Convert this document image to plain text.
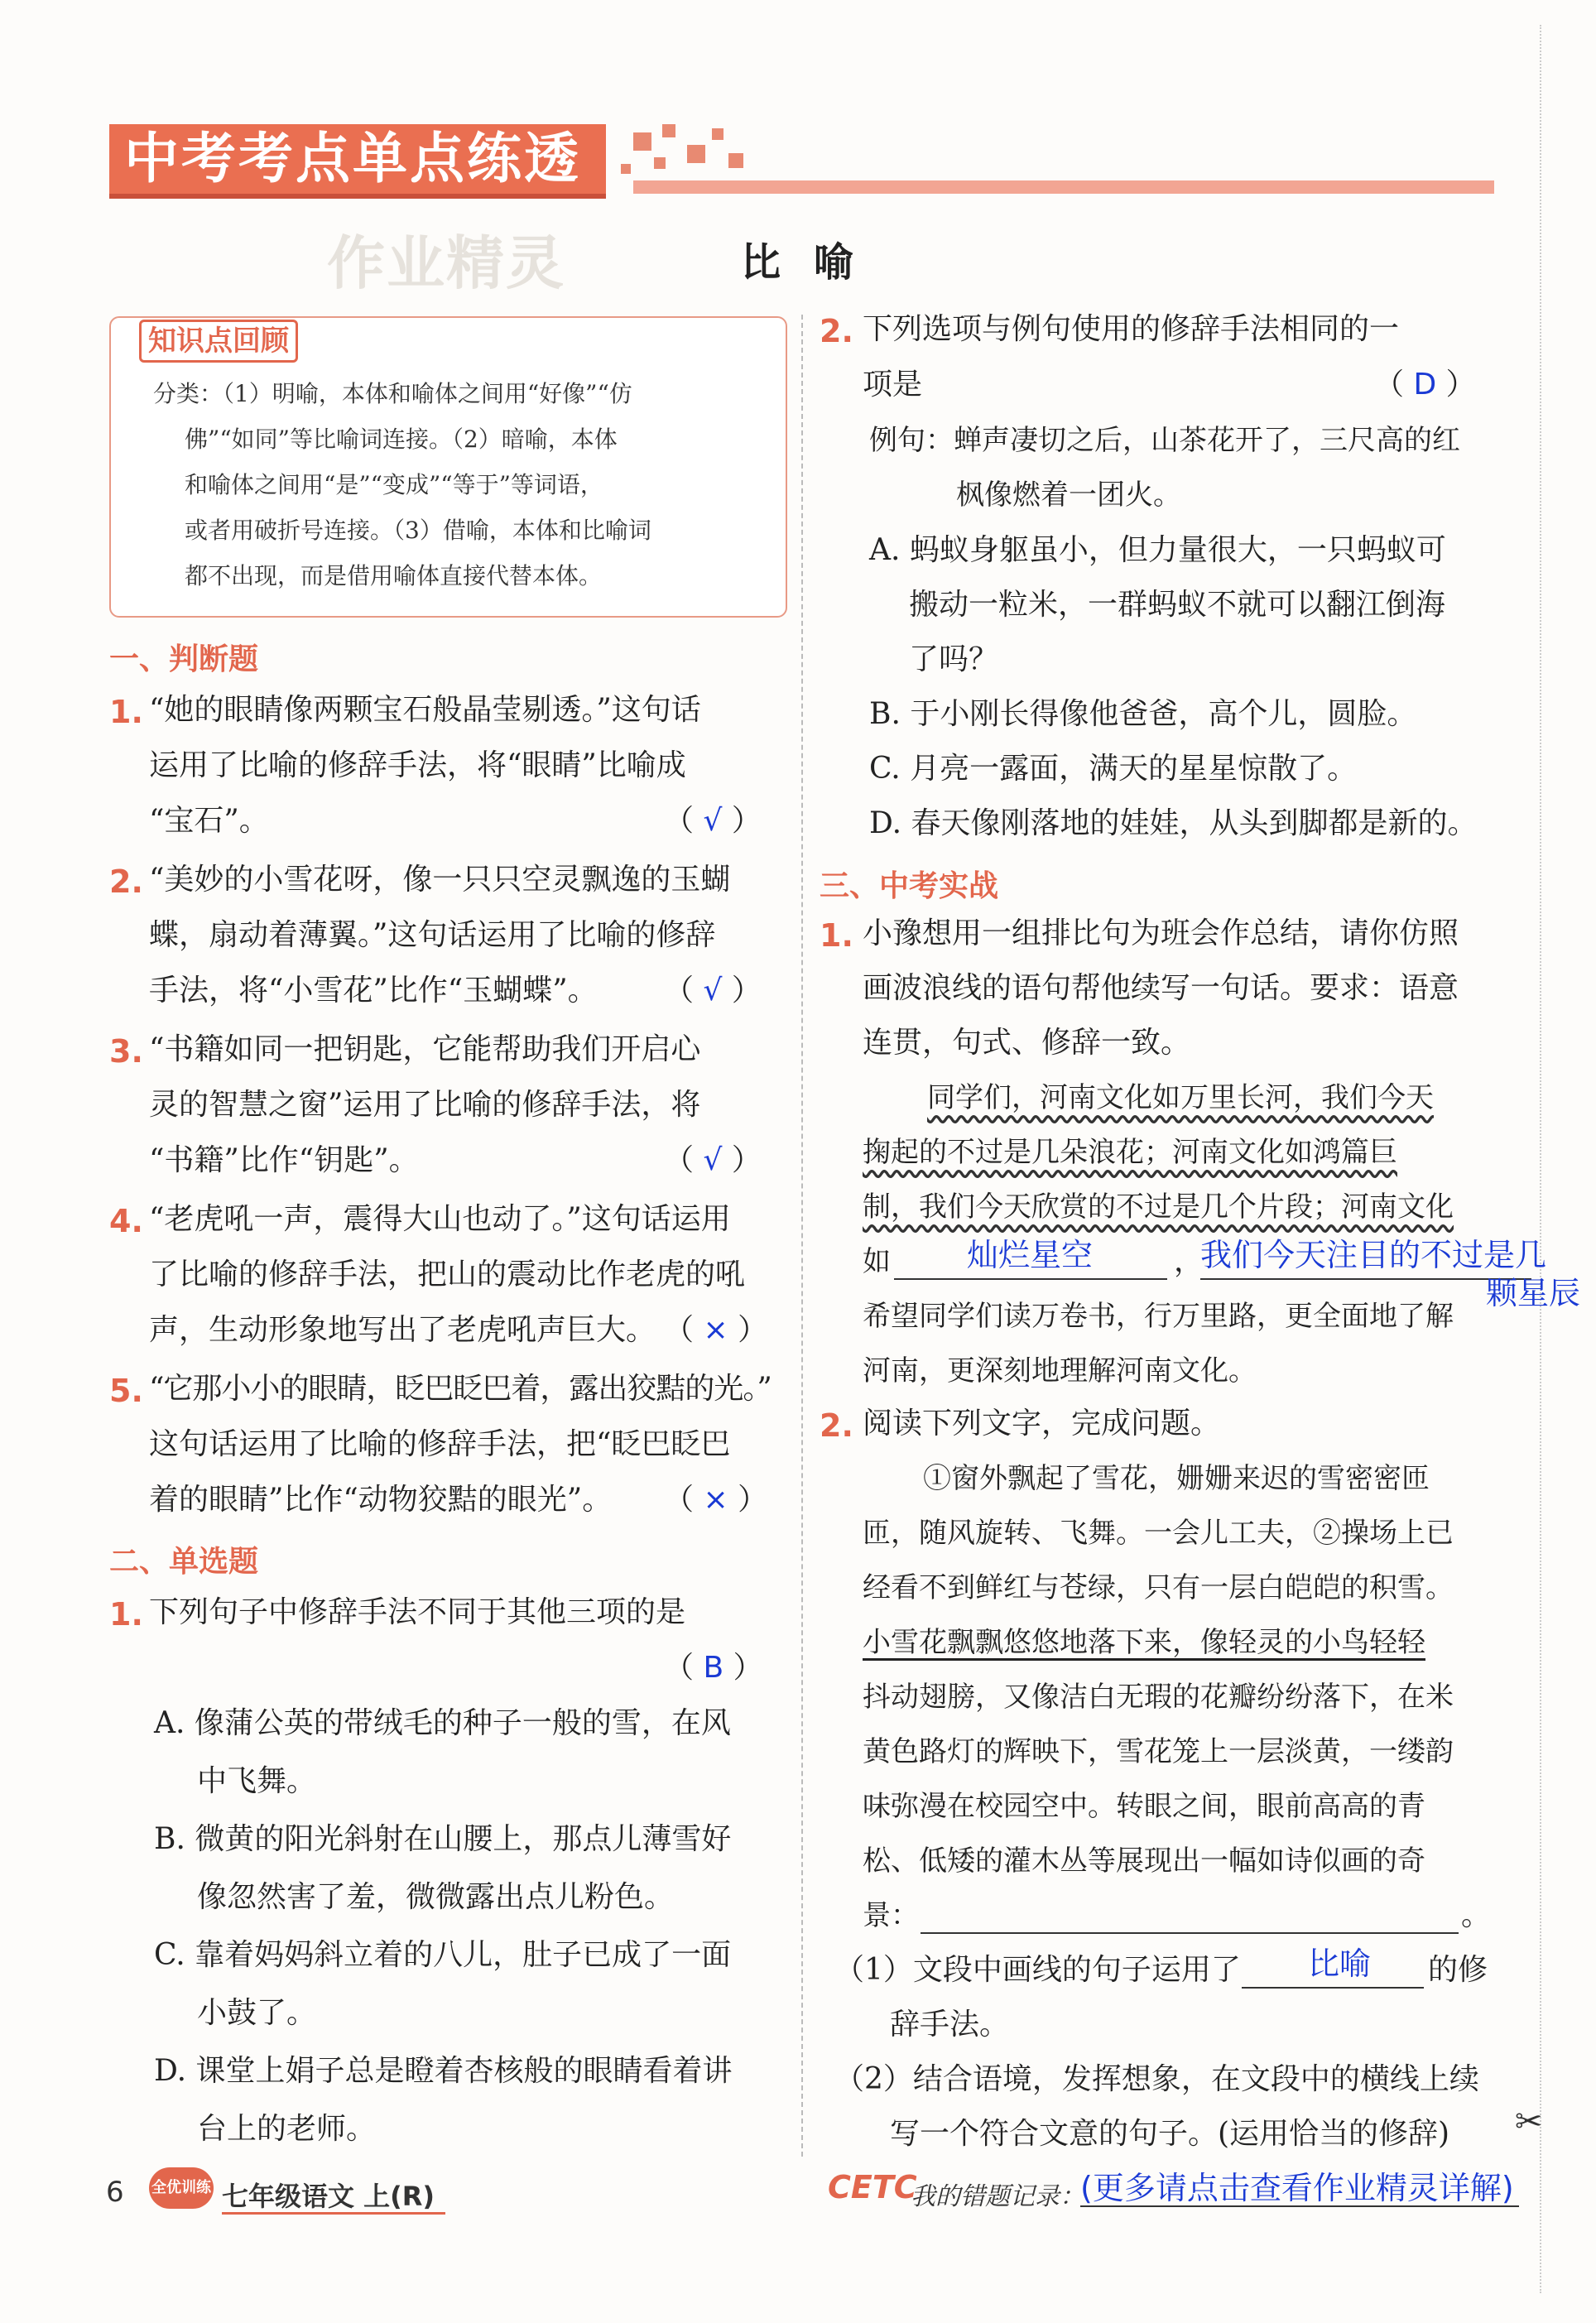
中考考点单点练透
作业精灵	比喻
知识点回顾
分类：（1）明喻，本体和喻体之间用“好像”“仿
佛”“如同”等比喻词连接。（2）暗喻，本体
和喻体之间用“是”“变成”“等于”等词语，
或者用破折号连接。（3）借喻，本体和比喻词
都不出现，而是借用喻体直接代替本体。
一、判断题
1. “她的眼睛像两颗宝石般晶莹剔透。”这句话
运用了比喻的修辞手法，将“眼睛”比喻成
“宝石”。	（ √ ）
2. “美妙的小雪花呀，像一只只空灵飘逸的玉蝴
蝶，扇动着薄翼。”这句话运用了比喻的修辞
手法，将“小雪花”比作“玉蝴蝶”。 （ √ ）
3. “书籍如同一把钥匙，它能帮助我们开启心
灵的智慧之窗”运用了比喻的修辞手法，将
“书籍”比作“钥匙”。	（ √ ）
4. “老虎吼一声，震得大山也动了。”这句话运用
了比喻的修辞手法，把山的震动比作老虎的吼
声，生动形象地写出了老虎吼声巨大。 （ × ）
5. “它那小小的眼睛，眨巴眨巴着，露出狡黠的光。”
这句话运用了比喻的修辞手法，把“眨巴眨巴
着的眼睛”比作“动物狡黠的眼光”。 （ × ）
二、单选题
1. 下列句子中修辞手法不同于其他三项的是
（ B ）
A. 像蒲公英的带绒毛的种子一般的雪，在风
中飞舞。
B. 微黄的阳光斜射在山腰上，那点儿薄雪好
像忽然害了羞，微微露出点儿粉色。
C. 靠着妈妈斜立着的八儿，肚子已成了一面
小鼓了。
D. 课堂上娟子总是瞪着杏核般的眼睛看着讲
台上的老师。
2. 下列选项与例句使用的修辞手法相同的一
项是	（ D ）
例句：蝉声凄切之后，山茶花开了，三尺高的红
枫像燃着一团火。
A. 蚂蚁身躯虽小，但力量很大，一只蚂蚁可
搬动一粒米，一群蚂蚁不就可以翻江倒海
了吗？
B. 于小刚长得像他爸爸，高个儿，圆脸。
C. 月亮一露面，满天的星星惊散了。
D. 春天像刚落地的娃娃，从头到脚都是新的。
三、中考实战
1. 小豫想用一组排比句为班会作总结，请你仿照
画波浪线的语句帮他续写一句话。要求：语意
连贯，句式、修辞一致。
同学们，河南文化如万里长河，我们今天
掬起的不过是几朵浪花；河南文化如鸿篇巨
制，我们今天欣赏的不过是几个片段；河南文化
如 灿烂星空	，
我们今天注目的不过是几
颗星辰
希望同学们读万卷书，行万里路，更全面地了解
河南，更深刻地理解河南文化。
2. 阅读下列文字，完成问题。
①窗外飘起了雪花，姗姗来迟的雪密密匝
匝，随风旋转、飞舞。一会儿工夫，②操场上已
经看不到鲜红与苍绿，只有一层白皑皑的积雪。
小雪花飘飘悠悠地落下来，像轻灵的小鸟轻轻
抖动翅膀，又像洁白无瑕的花瓣纷纷落下，在米
黄色路灯的辉映下，雪花笼上一层淡黄，一缕韵
味弥漫在校园空中。转眼之间，眼前高高的青
松、低矮的灌木丛等展现出一幅如诗似画的奇
景：	。
（1）文段中画线的句子运用了 比喻 的修
辞手法。
（2）结合语境，发挥想象，在文段中的横线上续
写一个符合文意的句子。(运用恰当的修辞) ✂
6 全优训练 七年级语文 上(R)	CETC
我的错题记录：
(更多请点击查看作业精灵详解)
